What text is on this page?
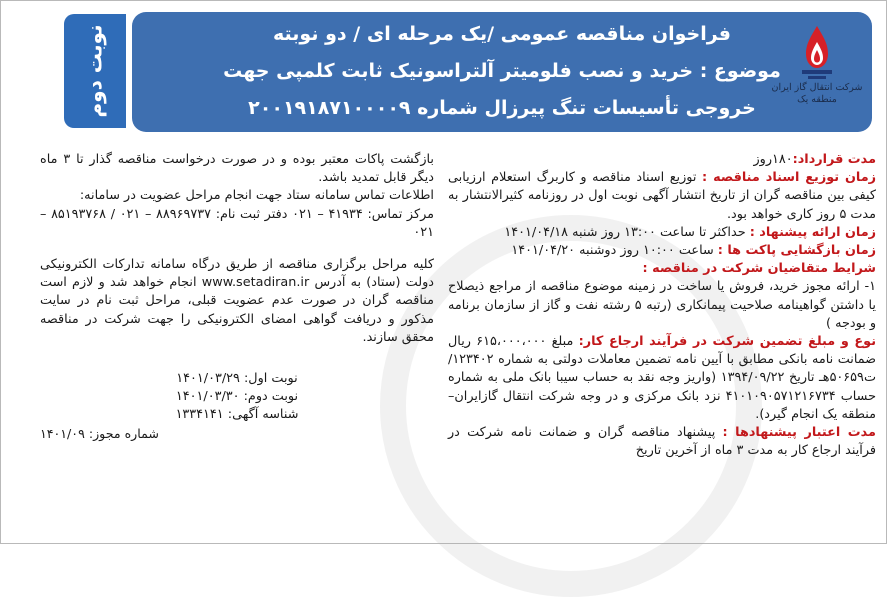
فراخوان مناقصه عمومی /یک مرحله ای / دو نوبته
موضوع : خرید و نصب فلومیتر آلتراسونیک ثابت کلمپی جهت
خروجی تأسیسات تنگ پیرزال شماره ۲۰۰۱۹۱۸۷۱۰۰۰۰۹
شرکت انتقال گاز ایران
منطقه یک
نوبت دوم

مدت قرارداد:۱۸۰روز

زمان توزیع اسناد مناقصه : توزیع اسناد مناقصه و کاربرگ استعلام ارزیابی کیفی بین مناقصه گران از تاریخ انتشار آگهی نوبت اول در روزنامه کثیرالانتشار به مدت ۵ روز کاری خواهد بود.

زمان ارائه پیشنهاد : حداکثر تا ساعت ۱۳:۰۰ روز شنبه ۱۴۰۱/۰۴/۱۸

زمان بازگشایی پاکت ها : ساعت ۱۰:۰۰ روز دوشنبه ۱۴۰۱/۰۴/۲۰

شرایط متقاضیان شرکت در مناقصه :

۱- ارائه مجوز خرید، فروش یا ساخت در زمینه موضوع مناقصه از مراجع ذیصلاح یا داشتن گواهینامه صلاحیت پیمانکاری (رتبه ۵ رشته نفت و گاز از سازمان برنامه و بودجه )

نوع و مبلغ تضمین شرکت در فرآیند ارجاع کار: مبلغ ۶۱۵،۰۰۰،۰۰۰ ریال ضمانت نامه بانکی مطابق با آیین نامه تضمین معاملات دولتی به شماره ۱۲۳۴۰۲/ت۵۰۶۵۹هـ تاریخ ۱۳۹۴/۰۹/۲۲ (واریز وجه نقد به حساب سیبا بانک ملی به شماره حساب ۴۱۰۱۰۹۰۵۷۱۲۱۶۷۳۴ نزد بانک مرکزی و در وجه شرکت انتقال گازایران–منطقه یک انجام گیرد).

مدت اعتبار پیشنهادها : پیشنهاد مناقصه گران و ضمانت نامه شرکت در فرآیند ارجاع کار به مدت ۳ ماه از آخرین تاریخ

بازگشت پاکات معتبر بوده و در صورت درخواست مناقصه گذار تا ۳ ماه دیگر قابل تمدید باشد.

اطلاعات تماس سامانه ستاد جهت انجام مراحل عضویت در سامانه:

مرکز تماس: ۴۱۹۳۴ – ۰۲۱ دفتر ثبت نام: ۸۸۹۶۹۷۳۷ – ۰۲۱ / ۸۵۱۹۳۷۶۸ – ۰۲۱

کلیه مراحل برگزاری مناقصه از طریق درگاه سامانه تدارکات الکترونیکی دولت (ستاد) به آدرس www.setadiran.ir انجام خواهد شد و لازم است مناقصه گران در صورت عدم عضویت قبلی، مراحل ثبت نام در سایت مذکور و دریافت گواهی امضای الکترونیکی را جهت شرکت در مناقصه محقق سازند.

نوبت اول: ۱۴۰۱/۰۳/۲۹

نوبت دوم: ۱۴۰۱/۰۳/۳۰

شناسه آگهی: ۱۳۳۴۱۴۱

شماره مجوز: ۱۴۰۱/۰۹
